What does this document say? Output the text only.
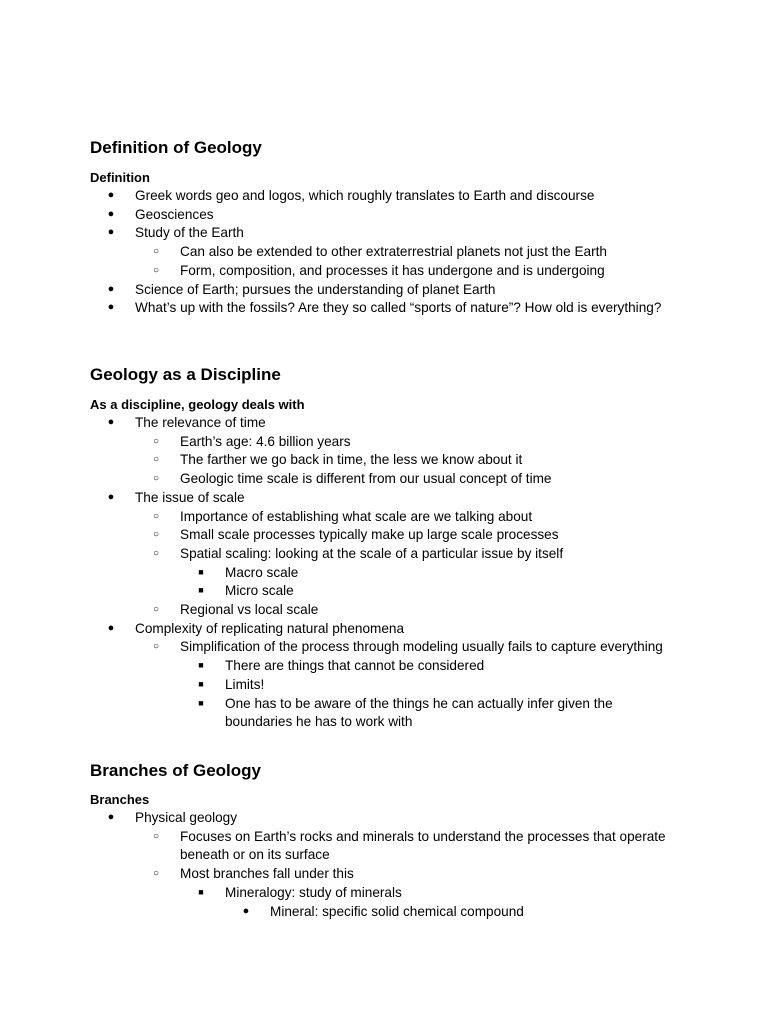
Definition of Geology
Definition
● Greek words geo and logos, which roughly translates to Earth and discourse
● Geosciences
● Study of the Earth
○ Can also be extended to other extraterrestrial planets not just the Earth
○ Form, composition, and processes it has undergone and is undergoing
● Science of Earth; pursues the understanding of planet Earth
● What’s up with the fossils? Are they so called “sports of nature”? How old is everything?
Geology as a Discipline
As a discipline, geology deals with
● The relevance of time
○ Earth’s age: 4.6 billion years
○ The farther we go back in time, the less we know about it
○ Geologic time scale is different from our usual concept of time
● The issue of scale
○ Importance of establishing what scale are we talking about
○ Small scale processes typically make up large scale processes
○ Spatial scaling: looking at the scale of a particular issue by itself
■	Macro scale
■	Micro scale
○ Regional vs local scale
● Complexity of replicating natural phenomena
○ Simplification of the process through modeling usually fails to capture everything
■	There are things that cannot be considered
■	Limits!
■	One has to be aware of the things he can actually infer given the
boundaries he has to work with
Branches of Geology
Branches
● Physical geology
○ Focuses on Earth’s rocks and minerals to understand the processes that operate
beneath or on its surface
○ Most branches fall under this
■	Mineralogy: study of minerals
● Mineral: specific solid chemical compound
